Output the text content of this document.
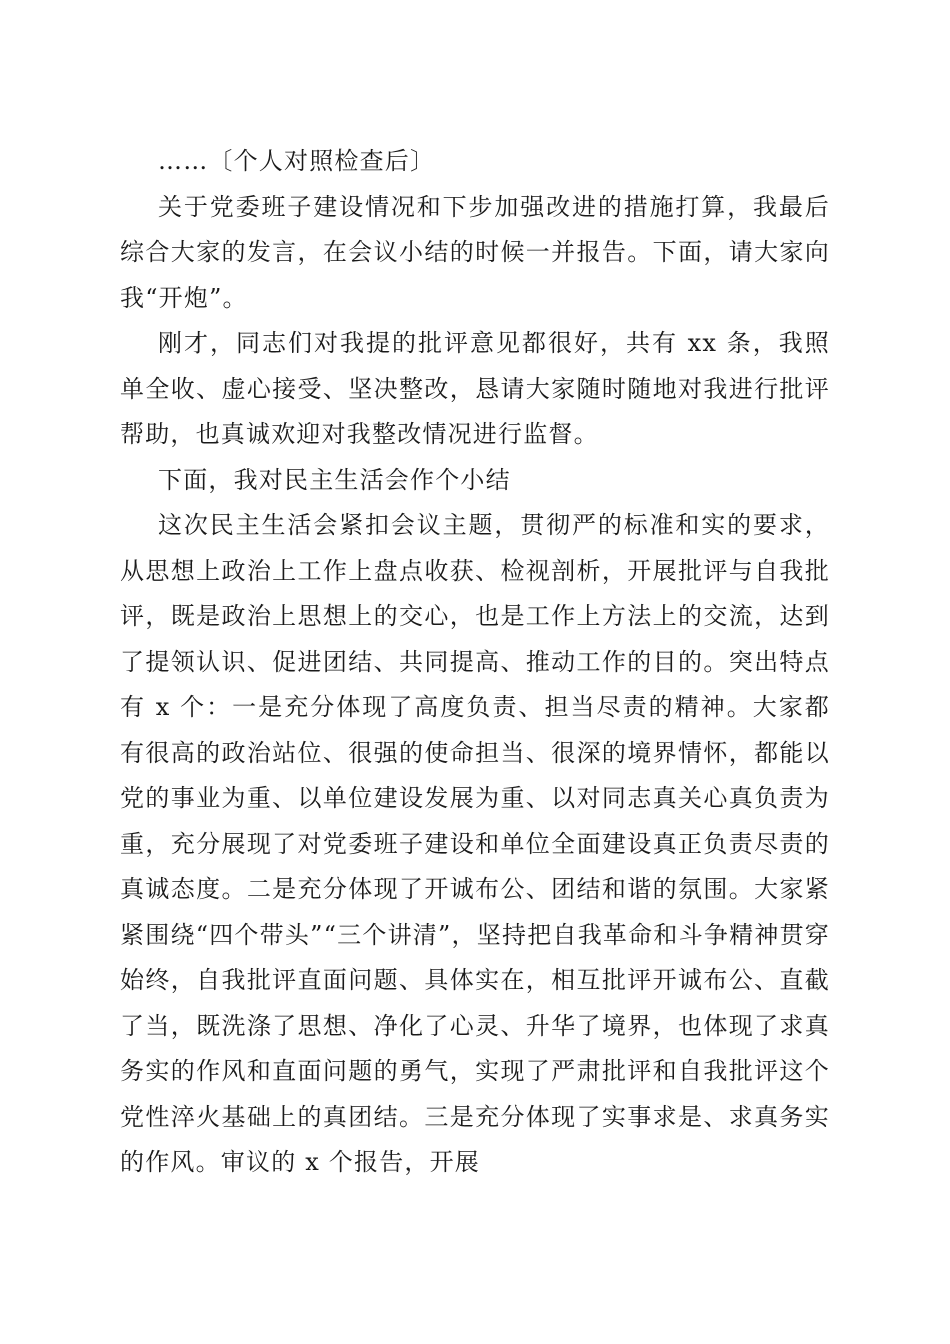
……〔个人对照检查后〕

关于党委班子建设情况和下步加强改进的措施打算，我最后综合大家的发言，在会议小结的时候一并报告。下面，请大家向我“开炮”。

刚才，同志们对我提的批评意见都很好，共有 xx 条，我照单全收、虚心接受、坚决整改，恳请大家随时随地对我进行批评帮助，也真诚欢迎对我整改情况进行监督。

下面，我对民主生活会作个小结

这次民主生活会紧扣会议主题，贯彻严的标准和实的要求，从思想上政治上工作上盘点收获、检视剖析，开展批评与自我批评，既是政治上思想上的交心，也是工作上方法上的交流，达到了提领认识、促进团结、共同提高、推动工作的目的。突出特点有 x 个：一是充分体现了高度负责、担当尽责的精神。大家都有很高的政治站位、很强的使命担当、很深的境界情怀，都能以党的事业为重、以单位建设发展为重、以对同志真关心真负责为重，充分展现了对党委班子建设和单位全面建设真正负责尽责的真诚态度。二是充分体现了开诚布公、团结和谐的氛围。大家紧紧围绕“四个带头”“三个讲清”，坚持把自我革命和斗争精神贯穿始终，自我批评直面问题、具体实在，相互批评开诚布公、直截了当，既洗涤了思想、净化了心灵、升华了境界，也体现了求真务实的作风和直面问题的勇气，实现了严肃批评和自我批评这个党性淬火基础上的真团结。三是充分体现了实事求是、求真务实的作风。审议的 x 个报告，开展
